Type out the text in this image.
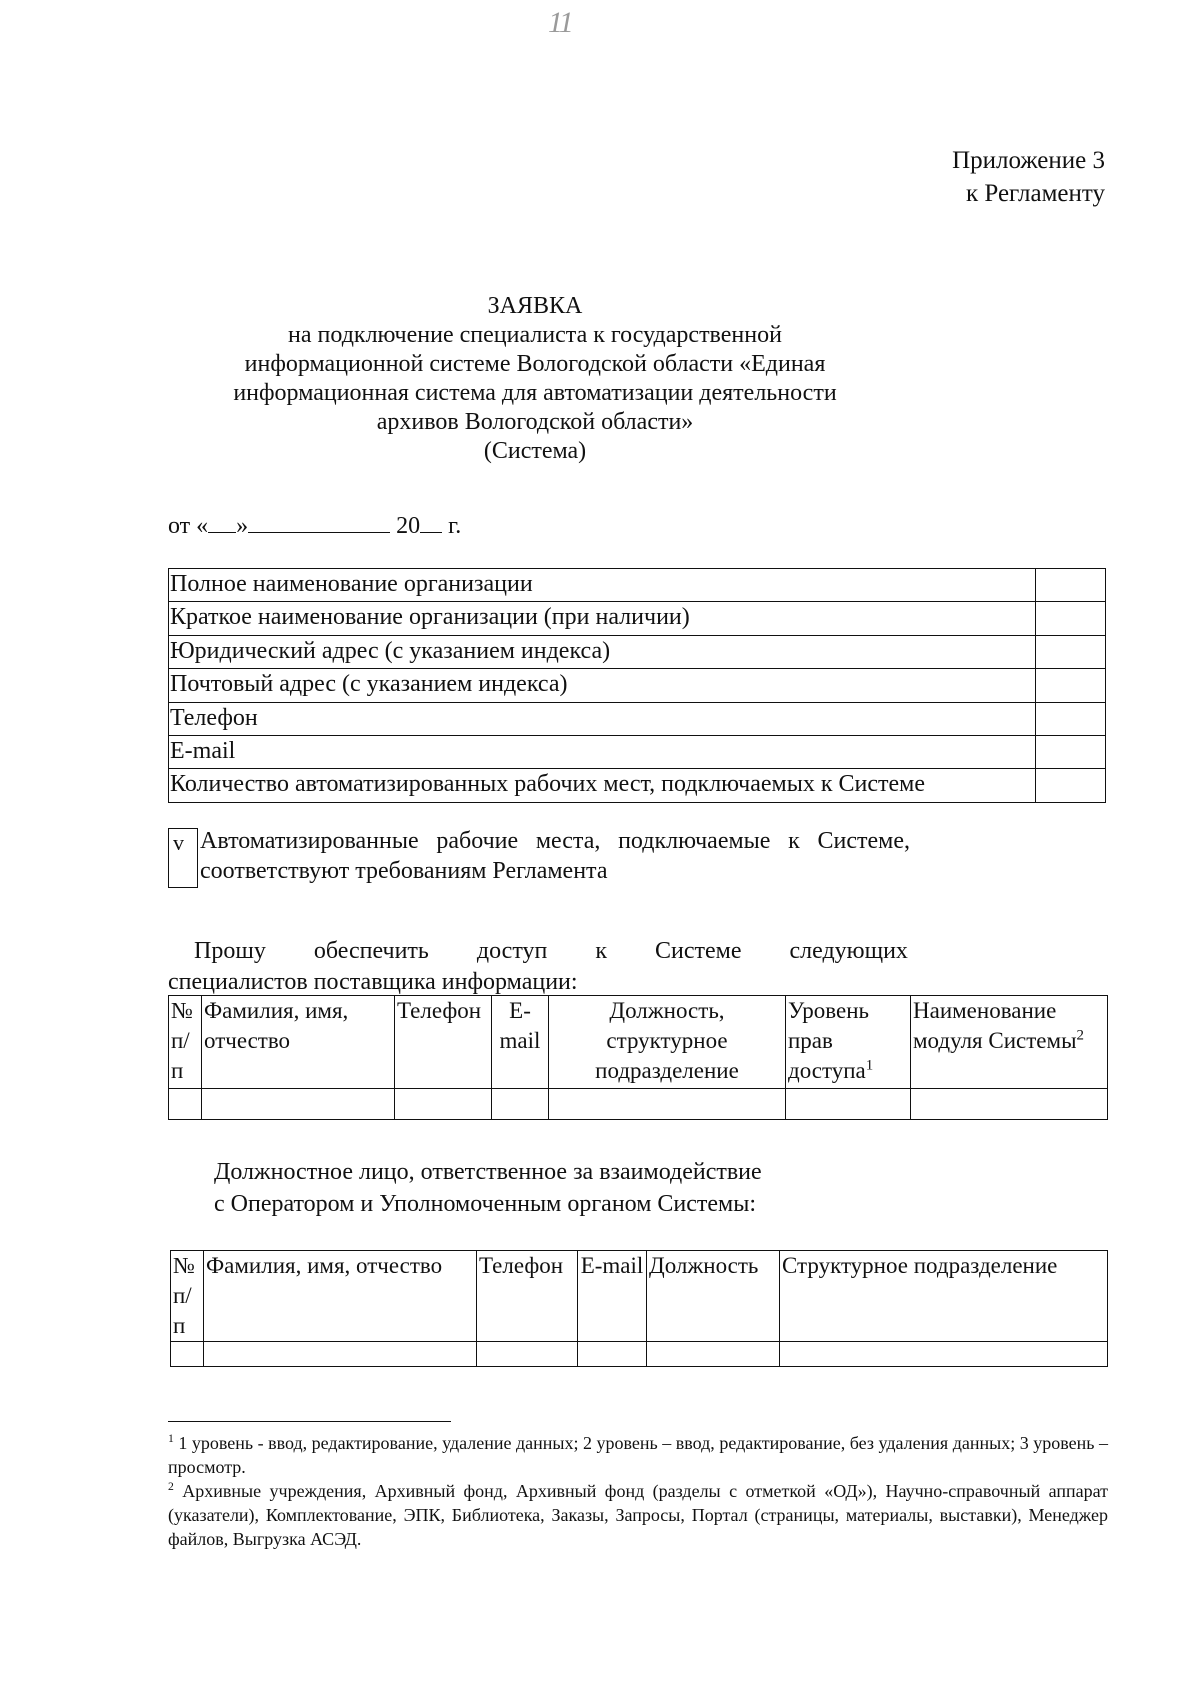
11
Приложение 3
к Регламенту
ЗАЯВКА
на подключение специалиста к государственной
информационной системе Вологодской области «Единая
информационная система для автоматизации деятельности
архивов Вологодской области»
(Система)
от « »	20 г.
Полное наименование организации	
Краткое наименование организации (при наличии)	
Юридический адрес (с указанием индекса)	
Почтовый адрес (с указанием индекса)	
Телефон	
E-mail	
Количество автоматизированных рабочих мест, подключаемых к Системе	
v Автоматизированные рабочие места, подключаемые к Системе, соответствуют требованиям Регламента
Прошу обеспечить доступ к Системе следующих
специалистов поставщика информации:
№ п/п	Фамилия, имя, отчество	Телефон	E-mail	Должность, структурное подразделение	Уровень прав доступа$^1$	Наименование модуля Системы$^2$

Должностное лицо, ответственное за взаимодействие
с Оператором и Уполномоченным органом Системы:
№ п/п	Фамилия, имя, отчество	Телефон	E-mail	Должность	Структурное подразделение

$^1$ 1 уровень - ввод, редактирование, удаление данных; 2 уровень – ввод, редактирование, без удаления данных; 3 уровень – просмотр.

$^2$ Архивные учреждения, Архивный фонд, Архивный фонд (разделы с отметкой «ОД»), Научно-справочный аппарат (указатели), Комплектование, ЭПК, Библиотека, Заказы, Запросы, Портал (страницы, материалы, выставки), Менеджер файлов, Выгрузка АСЭД.
